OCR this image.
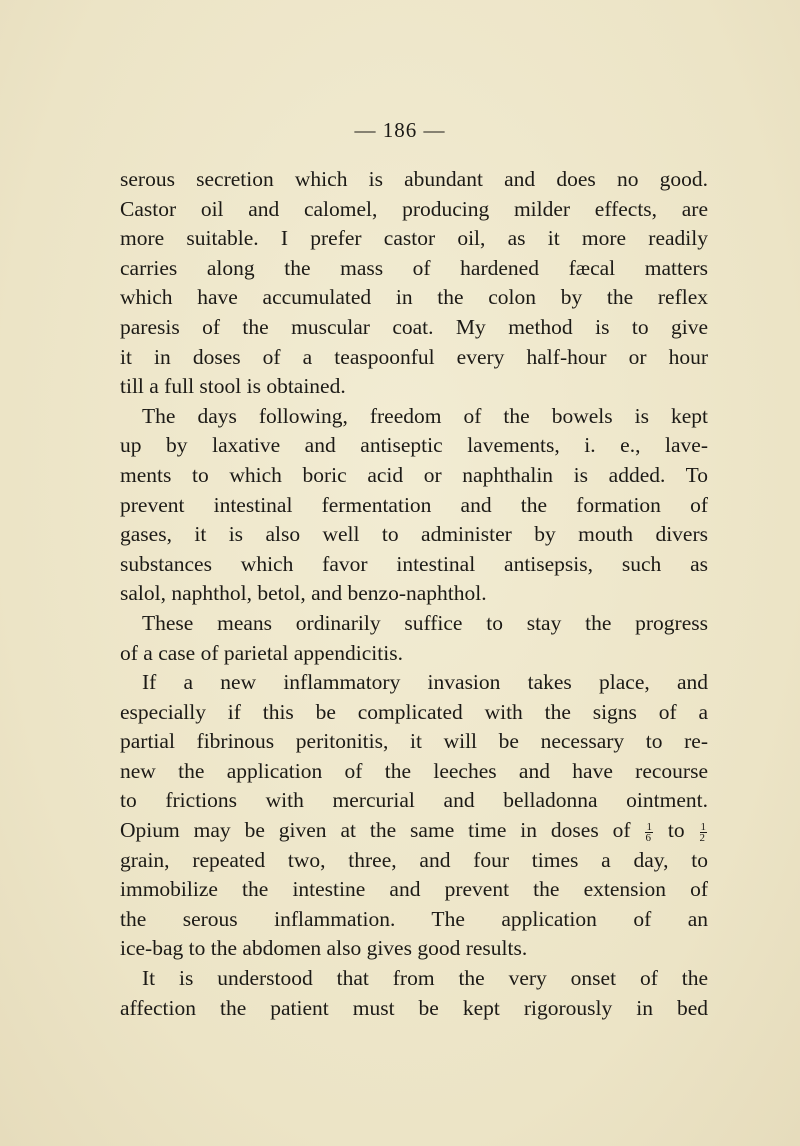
— 186 —
serous secretion which is abundant and does no good.
Castor oil and calomel, producing milder effects, are
more suitable. I prefer castor oil, as it more readily
carries along the mass of hardened fæcal matters
which have accumulated in the colon by the reflex
paresis of the muscular coat. My method is to give
it in doses of a teaspoonful every half-hour or hour
till a full stool is obtained.
The days following, freedom of the bowels is kept
up by laxative and antiseptic lavements, i. e., lave-
ments to which boric acid or naphthalin is added. To
prevent intestinal fermentation and the formation of
gases, it is also well to administer by mouth divers
substances which favor intestinal antisepsis, such as
salol, naphthol, betol, and benzo-naphthol.
These means ordinarily suffice to stay the progress
of a case of parietal appendicitis.
If a new inflammatory invasion takes place, and
especially if this be complicated with the signs of a
partial fibrinous peritonitis, it will be necessary to re-
new the application of the leeches and have recourse
to frictions with mercurial and belladonna ointment.
Opium may be given at the same time in doses of $\frac{1}{6}$ to $\frac{1}{2}$
grain, repeated two, three, and four times a day, to
immobilize the intestine and prevent the extension of
the serous inflammation. The application of an
ice-bag to the abdomen also gives good results.
It is understood that from the very onset of the
affection the patient must be kept rigorously in bed
